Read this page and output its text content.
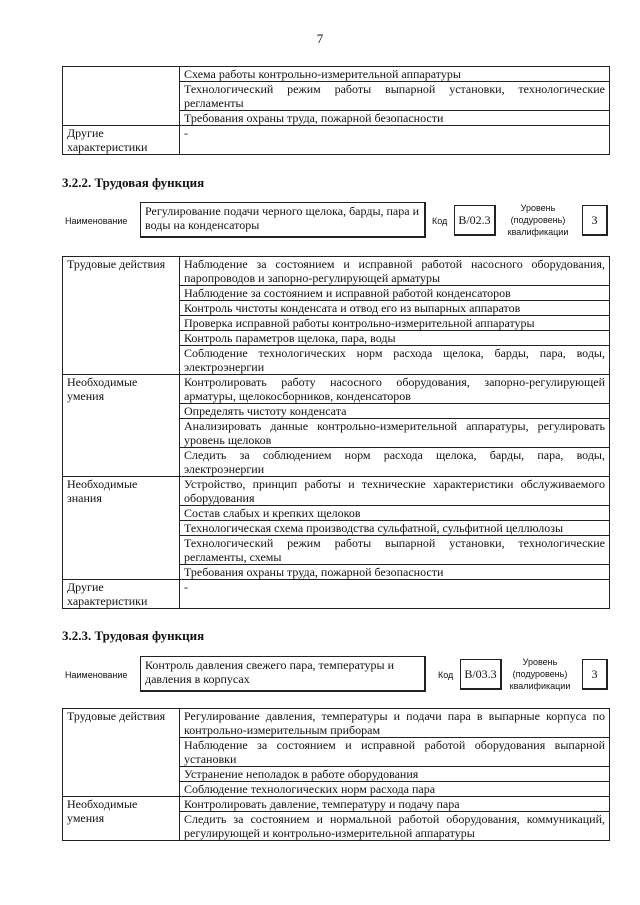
7
	Схема работы контрольно-измерительной аппаратуры
	Технологический режим работы выпарной установки, технологические регламенты
	Требования охраны труда, пожарной безопасности
Другие характеристики	-
3.2.2. Трудовая функция
Наименование
Регулирование подачи черного щелока, барды, пара и воды на конденсаторы	Код B/02.3
Уровень (подуровень) квалификации
3
Трудовые действия	Наблюдение за состоянием и исправной работой насосного оборудования, паропроводов и запорно-регулирующей арматуры
	Наблюдение за состоянием и исправной работой конденсаторов
	Контроль чистоты конденсата и отвод его из выпарных аппаратов
	Проверка исправной работы контрольно-измерительной аппаратуры
	Контроль параметров щелока, пара, воды
	Соблюдение технологических норм расхода щелока, барды, пара, воды, электроэнергии
Необходимые умения	Контролировать работу насосного оборудования, запорно-регулирующей арматуры, щелокосборников, конденсаторов
	Определять чистоту конденсата
	Анализировать данные контрольно-измерительной аппаратуры, регулировать уровень щелоков
	Следить за соблюдением норм расхода щелока, барды, пара, воды, электроэнергии
Необходимые знания	Устройство, принцип работы и технические характеристики обслуживаемого оборудования
	Состав слабых и крепких щелоков
	Технологическая схема производства сульфатной, сульфитной целлюлозы
	Технологический режим работы выпарной установки, технологические регламенты, схемы
	Требования охраны труда, пожарной безопасности
Другие характеристики	-
3.2.3. Трудовая функция
Наименование
Контроль давления свежего пара, температуры и давления в корпусах	Код B/03.3
Уровень (подуровень) квалификации
3
Трудовые действия	Регулирование давления, температуры и подачи пара в выпарные корпуса по контрольно-измерительным приборам
	Наблюдение за состоянием и исправной работой оборудования выпарной установки
	Устранение неполадок в работе оборудования
	Соблюдение технологических норм расхода пара
Необходимые умения	Контролировать давление, температуру и подачу пара
	Следить за состоянием и нормальной работой оборудования, коммуникаций, регулирующей и контрольно-измерительной аппаратуры
